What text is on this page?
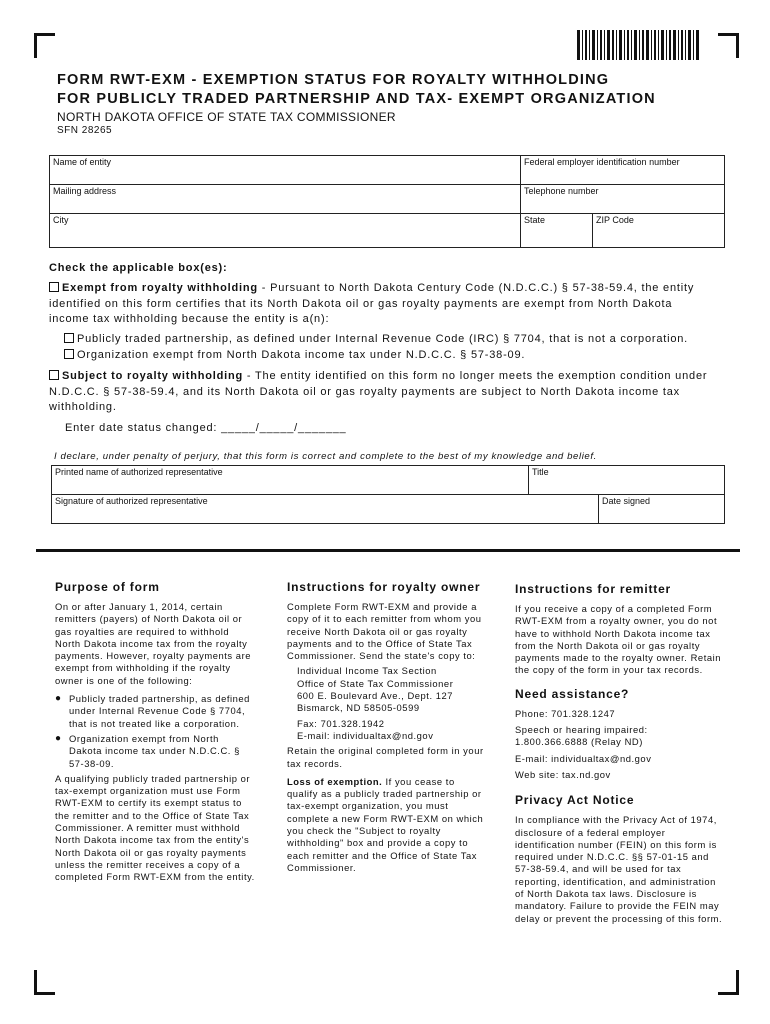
FORM RWT-EXM - EXEMPTION STATUS FOR ROYALTY WITHHOLDING
FOR PUBLICLY TRADED PARTNERSHIP AND TAX- EXEMPT ORGANIZATION
NORTH DAKOTA OFFICE OF STATE TAX COMMISSIONER
SFN 28265
Name of entity	Federal employer identification number
Mailing address	Telephone number
City	State	ZIP Code
Check the applicable box(es):
Exempt from royalty withholding - Pursuant to North Dakota Century Code (N.D.C.C.) § 57-38-59.4, the entity identified on this form certifies that its North Dakota oil or gas royalty payments are exempt from North Dakota income tax withholding because the entity is a(n):
Publicly traded partnership, as defined under Internal Revenue Code (IRC) § 7704, that is not a corporation.
Organization exempt from North Dakota income tax under N.D.C.C. § 57-38-09.
Subject to royalty withholding - The entity identified on this form no longer meets the exemption condition under N.D.C.C. § 57-38-59.4, and its North Dakota oil or gas royalty payments are subject to North Dakota income tax withholding.
Enter date status changed: _____/_____/_______
I declare, under penalty of perjury, that this form is correct and complete to the best of my knowledge and belief.
Printed name of authorized representative	Title
Signature of authorized representative	Date signed
Purpose of form

On or after January 1, 2014, certain remitters (payers) of North Dakota oil or gas royalties are required to withhold North Dakota income tax from the royalty payments. However, royalty payments are exempt from withholding if the royalty owner is one of the following:

● Publicly traded partnership, as defined under Internal Revenue Code § 7704, that is not treated like a corporation.
● Organization exempt from North Dakota income tax under N.D.C.C. § 57-38-09.

A qualifying publicly traded partnership or tax-exempt organization must use Form RWT-EXM to certify its exempt status to the remitter and to the Office of State Tax Commissioner. A remitter must withhold North Dakota income tax from the entity's North Dakota oil or gas royalty payments unless the remitter receives a copy of a completed Form RWT-EXM from the entity.

Instructions for royalty owner

Complete Form RWT-EXM and provide a copy of it to each remitter from whom you receive North Dakota oil or gas royalty payments and to the Office of State Tax Commissioner. Send the state's copy to:

Individual Income Tax Section
Office of State Tax Commissioner
600 E. Boulevard Ave., Dept. 127
Bismarck, ND 58505-0599
Fax: 701.328.1942
E-mail: individualtax@nd.gov

Retain the original completed form in your tax records.

Loss of exemption. If you cease to qualify as a publicly traded partnership or tax-exempt organization, you must complete a new Form RWT-EXM on which you check the "Subject to royalty withholding" box and provide a copy to each remitter and the Office of State Tax Commissioner.

Instructions for remitter

If you receive a copy of a completed Form RWT-EXM from a royalty owner, you do not have to withhold North Dakota income tax from the North Dakota oil or gas royalty payments made to the royalty owner. Retain the copy of the form in your tax records.

Need assistance?
Phone: 701.328.1247
Speech or hearing impaired:
1.800.366.6888 (Relay ND)
E-mail: individualtax@nd.gov
Web site: tax.nd.gov
Privacy Act Notice

In compliance with the Privacy Act of 1974, disclosure of a federal employer identification number (FEIN) on this form is required under N.D.C.C. §§ 57-01-15 and 57-38-59.4, and will be used for tax reporting, identification, and administration of North Dakota tax laws. Disclosure is mandatory. Failure to provide the FEIN may delay or prevent the processing of this form.
